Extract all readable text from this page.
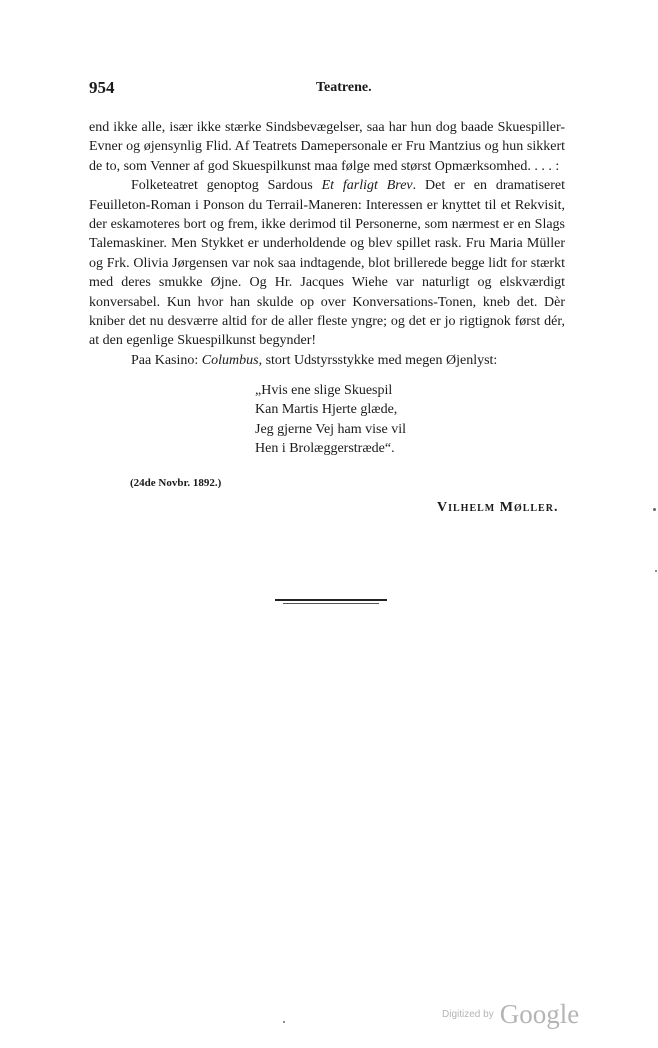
954	Teatrene.

end ikke alle, især ikke stærke Sindsbevægelser, saa har hun dog baade Skuespiller-Evner og øjensynlig Flid. Af Teatrets Damepersonale er Fru Mantzius og hun sikkert de to, som Venner af god Skuespilkunst maa følge med størst Opmærksomhed. . . . :

Folketeatret genoptog Sardous Et farligt Brev. Det er en dramatiseret Feuilleton-Roman i Ponson du Terrail-Maneren: Interessen er knyttet til et Rekvisit, der eskamoteres bort og frem, ikke derimod til Personerne, som nærmest er en Slags Talemaskiner. Men Stykket er underholdende og blev spillet rask. Fru Maria Müller og Frk. Olivia Jørgensen var nok saa indtagende, blot brillerede begge lidt for stærkt med deres smukke Øjne. Og Hr. Jacques Wiehe var naturligt og elskværdigt konversabel. Kun hvor han skulde op over Konversations-Tonen, kneb det. Dèr kniber det nu desværre altid for de aller fleste yngre; og det er jo rigtignok først dér, at den egenlige Skuespilkunst begynder!

Paa Kasino: Columbus, stort Udstyrsstykke med megen Øjenlyst:

„Hvis ene slige Skuespil
Kan Martis Hjerte glæde,
Jeg gjerne Vej ham vise vil
Hen i Brolæggerstræde“.
(24de Novbr. 1892.)
Vilhelm Møller.
Digitized by Google
